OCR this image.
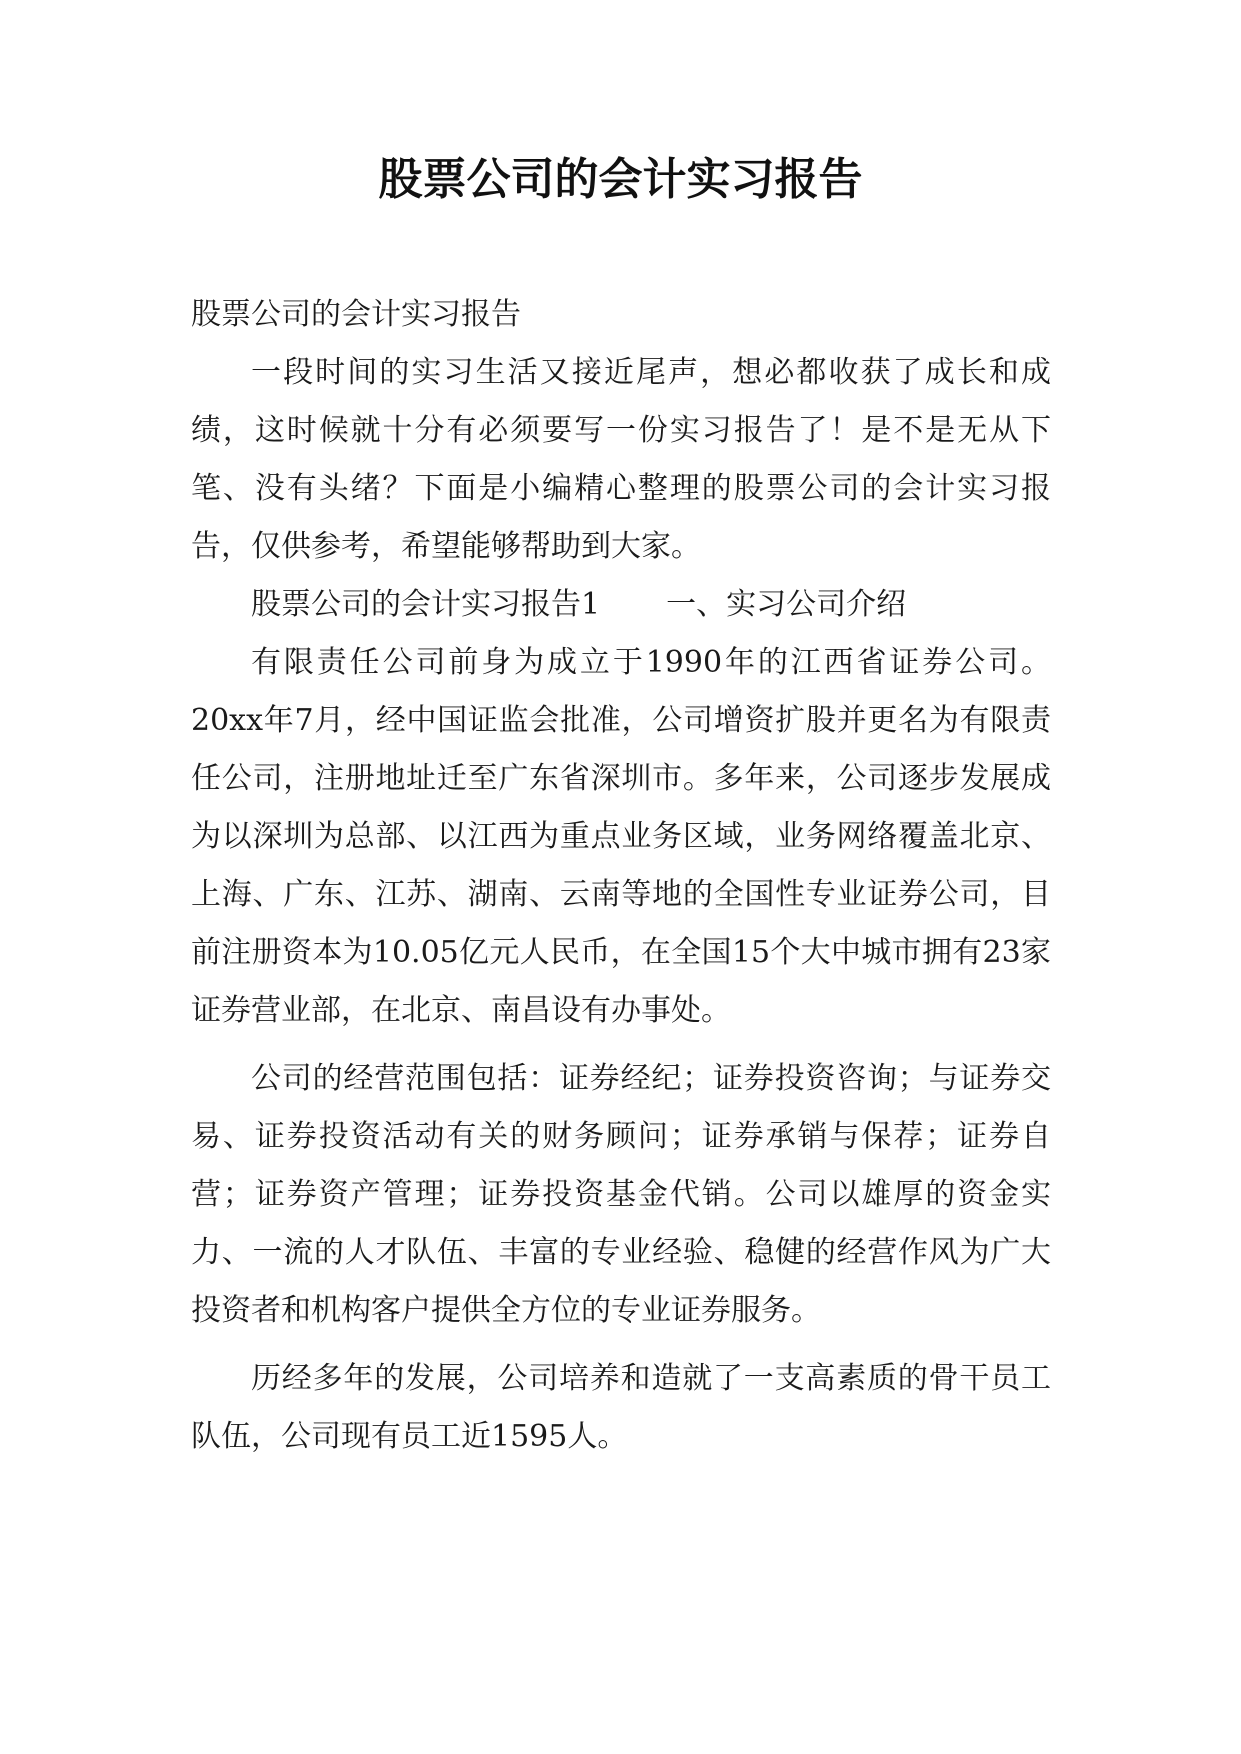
股票公司的会计实习报告

股票公司的会计实习报告

一段时间的实习生活又接近尾声，想必都收获了成长和成绩，这时候就十分有必须要写一份实习报告了！是不是无从下笔、没有头绪？下面是小编精心整理的股票公司的会计实习报告，仅供参考，希望能够帮助到大家。

股票公司的会计实习报告1 一、实习公司介绍

有限责任公司前身为成立于1990年的江西省证券公司。20xx年7月，经中国证监会批准，公司增资扩股并更名为有限责任公司，注册地址迁至广东省深圳市。多年来，公司逐步发展成为以深圳为总部、以江西为重点业务区域，业务网络覆盖北京、上海、广东、江苏、湖南、云南等地的全国性专业证券公司，目前注册资本为10.05亿元人民币，在全国15个大中城市拥有23家证券营业部，在北京、南昌设有办事处。

公司的经营范围包括：证券经纪；证券投资咨询；与证券交易、证券投资活动有关的财务顾问；证券承销与保荐；证券自营；证券资产管理；证券投资基金代销。公司以雄厚的资金实力、一流的人才队伍、丰富的专业经验、稳健的经营作风为广大投资者和机构客户提供全方位的专业证券服务。

历经多年的发展，公司培养和造就了一支高素质的骨干员工队伍，公司现有员工近1595人。
